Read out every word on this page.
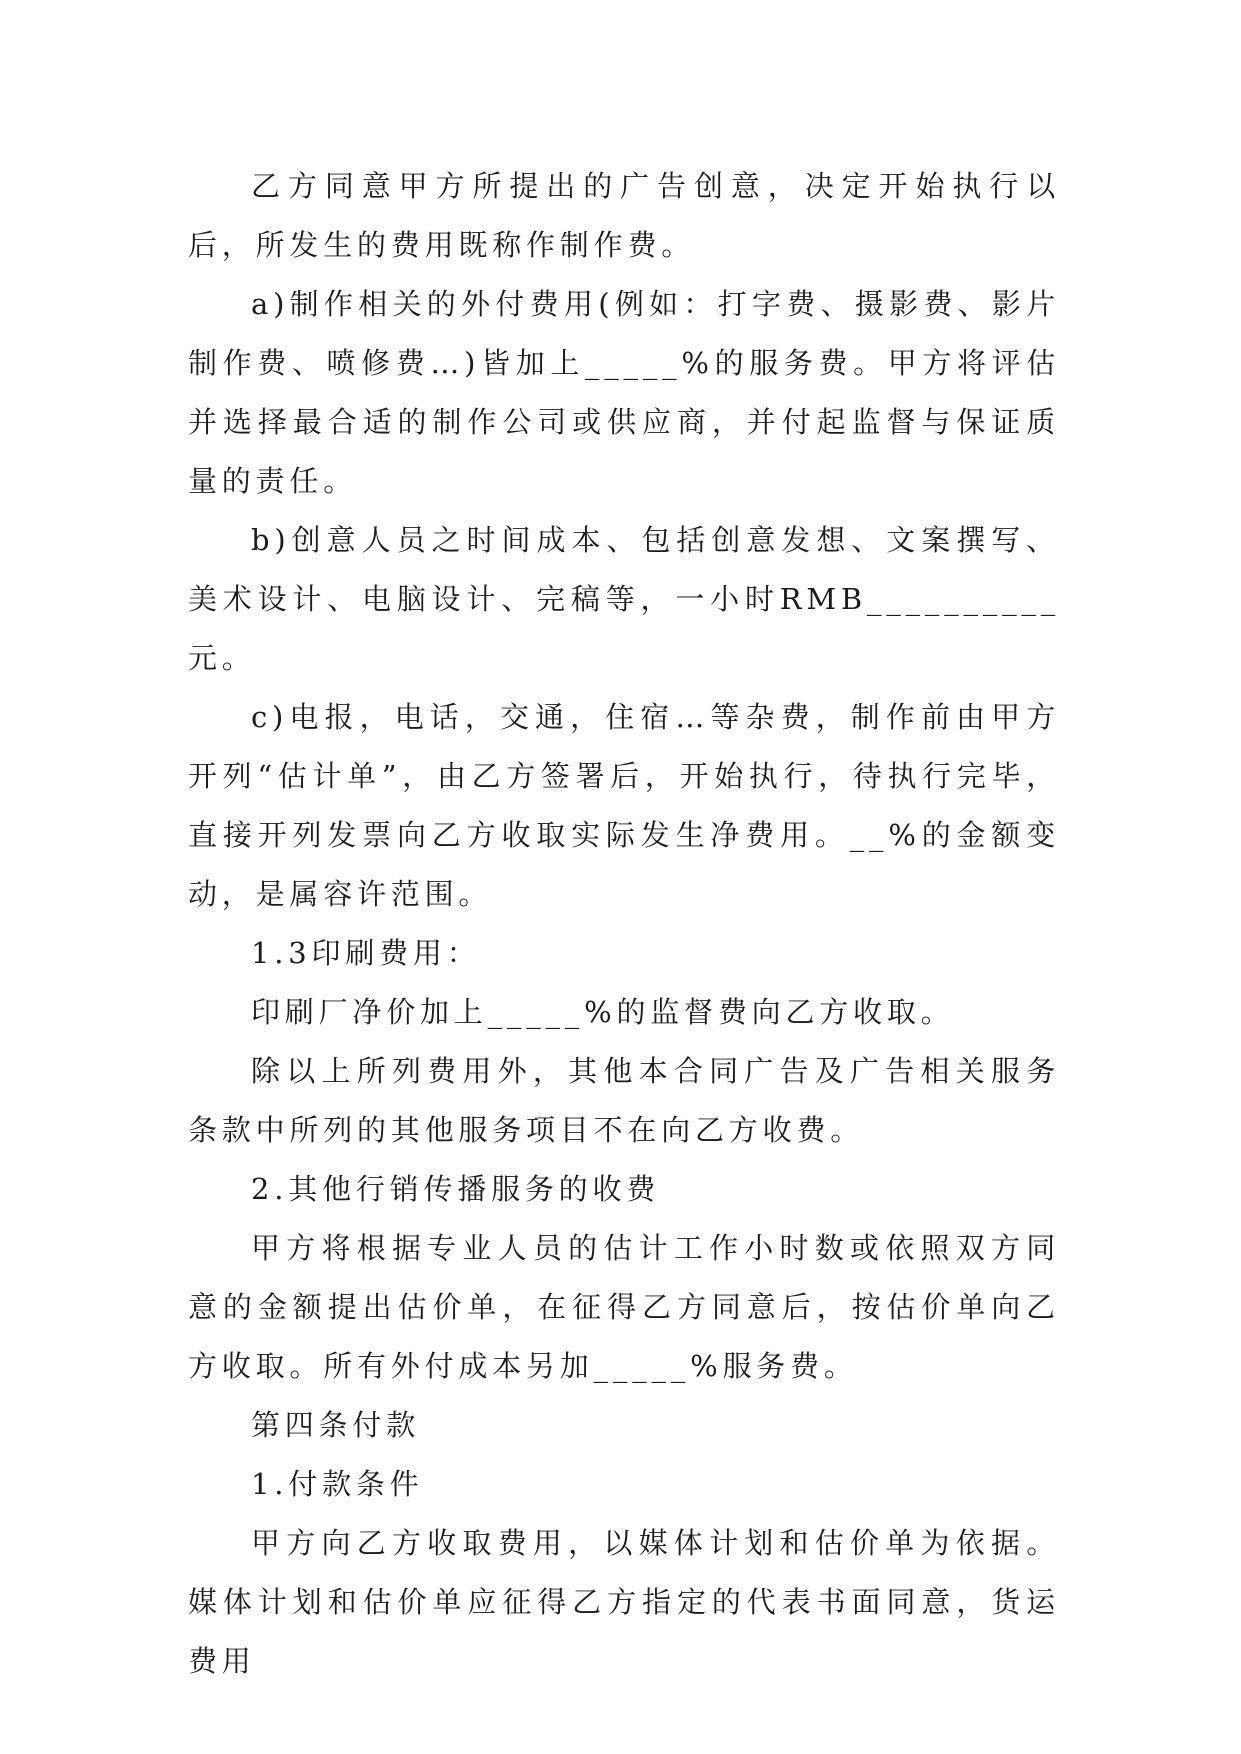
乙方同意甲方所提出的广告创意，决定开始执行以后，所发生的费用既称作制作费。

a)制作相关的外付费用(例如：打字费、摄影费、影片制作费、喷修费…)皆加上_____%的服务费。甲方将评估并选择最合适的制作公司或供应商，并付起监督与保证质量的责任。

b)创意人员之时间成本、包括创意发想、文案撰写、美术设计、电脑设计、完稿等，一小时RMB__________元。

c)电报，电话，交通，住宿…等杂费，制作前由甲方开列“估计单”，由乙方签署后，开始执行，待执行完毕，直接开列发票向乙方收取实际发生净费用。__%的金额变动，是属容许范围。

1.3印刷费用：

印刷厂净价加上_____%的监督费向乙方收取。

除以上所列费用外，其他本合同广告及广告相关服务条款中所列的其他服务项目不在向乙方收费。

2.其他行销传播服务的收费

甲方将根据专业人员的估计工作小时数或依照双方同意的金额提出估价单，在征得乙方同意后，按估价单向乙方收取。所有外付成本另加_____%服务费。

第四条付款

1.付款条件

甲方向乙方收取费用，以媒体计划和估价单为依据。媒体计划和估价单应征得乙方指定的代表书面同意，货运费用
